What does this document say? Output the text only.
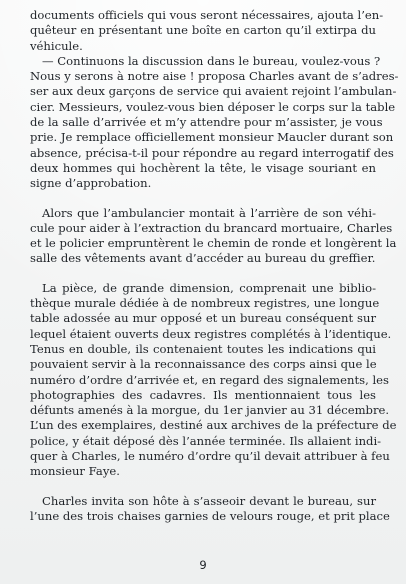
documents officiels qui vous seront nécessaires, ajouta l’en-
quêteur en présentant une boîte en carton qu’il extirpa du
véhicule.
— Continuons la discussion dans le bureau, voulez-vous ?
Nous y serons à notre aise ! proposa Charles avant de s’adres-
ser aux deux garçons de service qui avaient rejoint l’ambulan-
cier. Messieurs, voulez-vous bien déposer le corps sur la table
de la salle d’arrivée et m’y attendre pour m’assister, je vous
prie. Je remplace officiellement monsieur Maucler durant son
absence, précisa-t-il pour répondre au regard interrogatif des
deux hommes qui hochèrent la tête, le visage souriant en
signe d’approbation.
Alors que l’ambulancier montait à l’arrière de son véhi-
cule pour aider à l’extraction du brancard mortuaire, Charles
et le policier empruntèrent le chemin de ronde et longèrent la
salle des vêtements avant d’accéder au bureau du greffier.
La pièce, de grande dimension, comprenait une biblio-
thèque murale dédiée à de nombreux registres, une longue
table adossée au mur opposé et un bureau conséquent sur
lequel étaient ouverts deux registres complétés à l’identique.
Tenus en double, ils contenaient toutes les indications qui
pouvaient servir à la reconnaissance des corps ainsi que le
numéro d’ordre d’arrivée et, en regard des signalements, les
photographies des cadavres. Ils mentionnaient tous les
défunts amenés à la morgue, du 1er janvier au 31 décembre.
L’un des exemplaires, destiné aux archives de la préfecture de
police, y était déposé dès l’année terminée. Ils allaient indi-
quer à Charles, le numéro d’ordre qu’il devait attribuer à feu
monsieur Faye.
Charles invita son hôte à s’asseoir devant le bureau, sur
l’une des trois chaises garnies de velours rouge, et prit place
9
